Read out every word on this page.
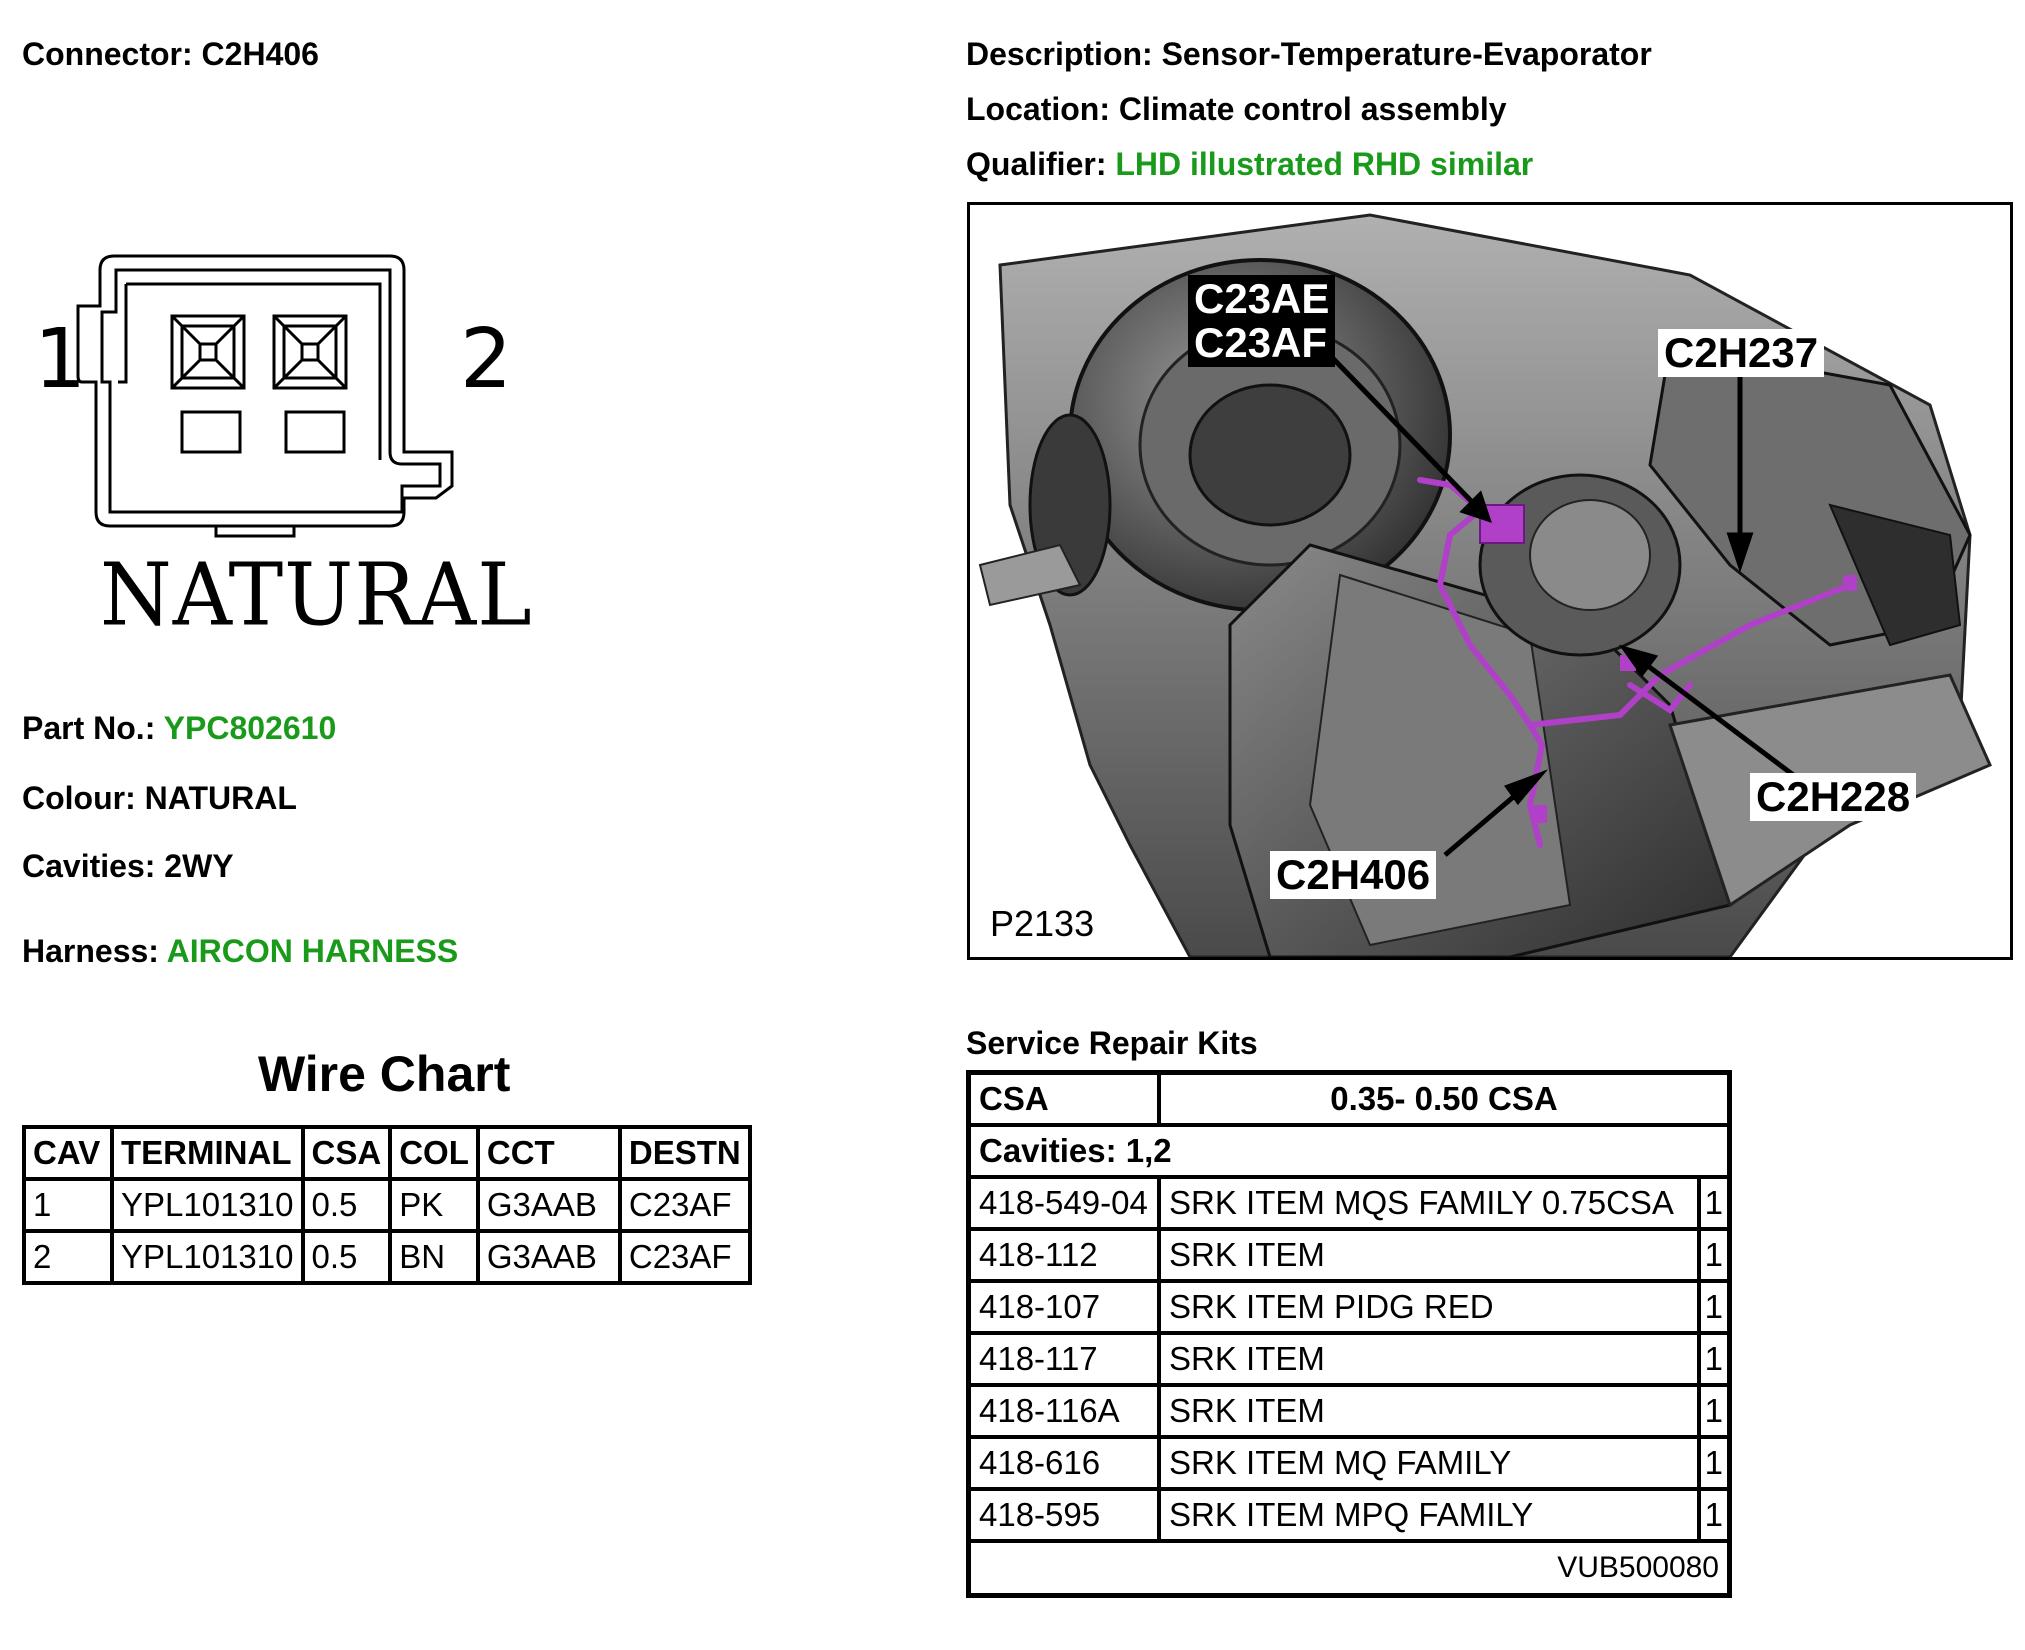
Connector: C2H406	Description: Sensor-Temperature-Evaporator
Location: Climate control assembly
Qualifier: LHD illustrated RHD similar
1	2
NATURAL
Part No.: YPC802610
Colour: NATURAL
Cavities: 2WY
Harness: AIRCON HARNESS
Wire Chart
CAV	TERMINAL	CSA	COL	CCT	DESTN
1	YPL101310	0.5	PK	G3AAB	C23AF
2	YPL101310	0.5	BN	G3AAB	C23AF
C23AE
C23AF	C2H237
C2H228
C2H406
P2133
Service Repair Kits
CSA	0.35- 0.50 CSA	
Cavities: 1,2		
418-549-04	SRK ITEM MQS FAMILY 0.75CSA	1
418-112	SRK ITEM	1
418-107	SRK ITEM PIDG RED	1
418-117	SRK ITEM	1
418-116A	SRK ITEM	1
418-616	SRK ITEM MQ FAMILY	1
418-595	SRK ITEM MPQ FAMILY	1
VUB500080		
